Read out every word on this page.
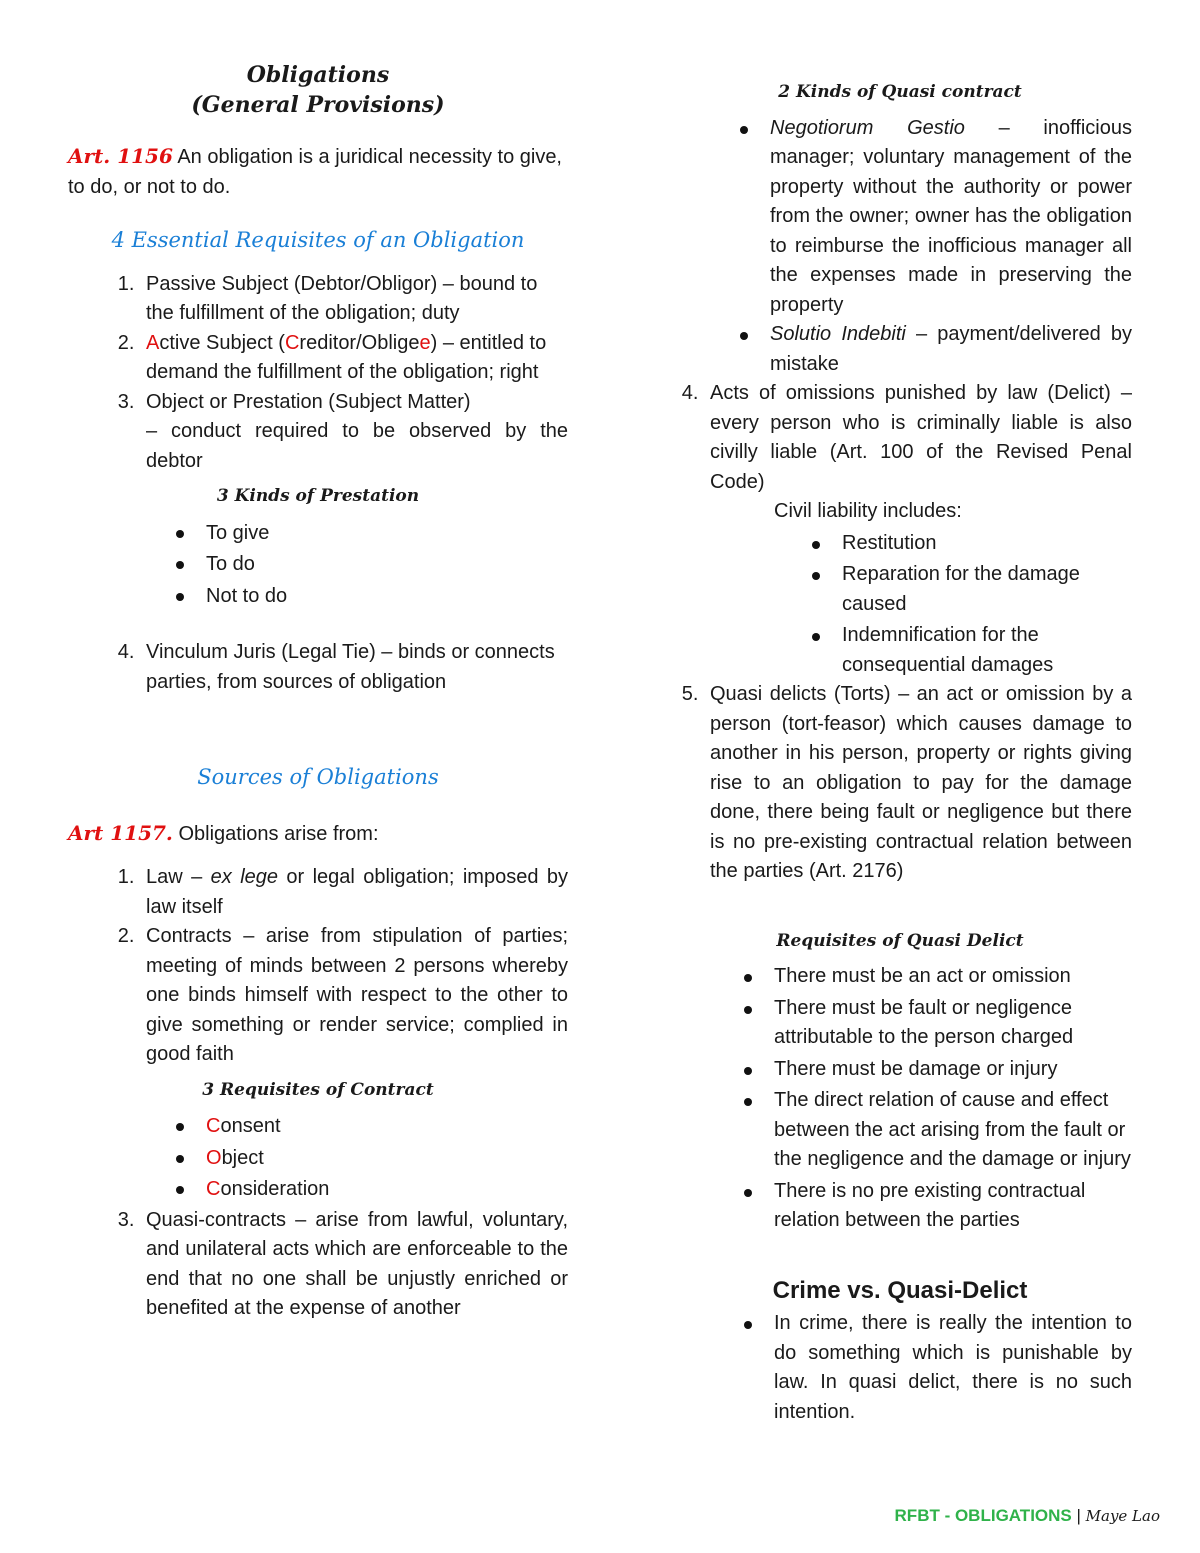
Obligations
(General Provisions)

Art. 1156 An obligation is a juridical necessity to give, to do, or not to do.

4 Essential Requisites of an Obligation
1. Passive Subject (Debtor/Obligor) – bound to the fulfillment of the obligation; duty
2. Active Subject (Creditor/Obligee) – entitled to demand the fulfillment of the obligation; right
3. Object or Prestation (Subject Matter)
– conduct required to be observed by the debtor
3 Kinds of Prestation
To give
To do
Not to do
4. Vinculum Juris (Legal Tie) – binds or connects parties, from sources of obligation
Sources of Obligations

Art 1157. Obligations arise from:

1. Law – ex lege or legal obligation; imposed by law itself
2. Contracts – arise from stipulation of parties; meeting of minds between 2 persons whereby one binds himself with respect to the other to give something or render service; complied in good faith
3 Requisites of Contract
Consent
Object
Consideration
3. Quasi-contracts – arise from lawful, voluntary, and unilateral acts which are enforceable to the end that no one shall be unjustly enriched or benefited at the expense of another
2 Kinds of Quasi contract
Negotiorum Gestio – inofficious manager; voluntary management of the property without the authority or power from the owner; owner has the obligation to reimburse the inofficious manager all the expenses made in preserving the property
Solutio Indebiti – payment/delivered by mistake
4. Acts of omissions punished by law (Delict) – every person who is criminally liable is also civilly liable (Art. 100 of the Revised Penal Code)
Civil liability includes:
Restitution
Reparation for the damage caused
Indemnification for the consequential damages
5. Quasi delicts (Torts) – an act or omission by a person (tort-feasor) which causes damage to another in his person, property or rights giving rise to an obligation to pay for the damage done, there being fault or negligence but there is no pre-existing contractual relation between the parties (Art. 2176)
Requisites of Quasi Delict
There must be an act or omission
There must be fault or negligence attributable to the person charged
There must be damage or injury
The direct relation of cause and effect between the act arising from the fault or the negligence and the damage or injury
There is no pre existing contractual relation between the parties
Crime vs. Quasi-Delict
In crime, there is really the intention to do something which is punishable by law. In quasi delict, there is no such intention.
RFBT - OBLIGATIONS | Maye Lao
